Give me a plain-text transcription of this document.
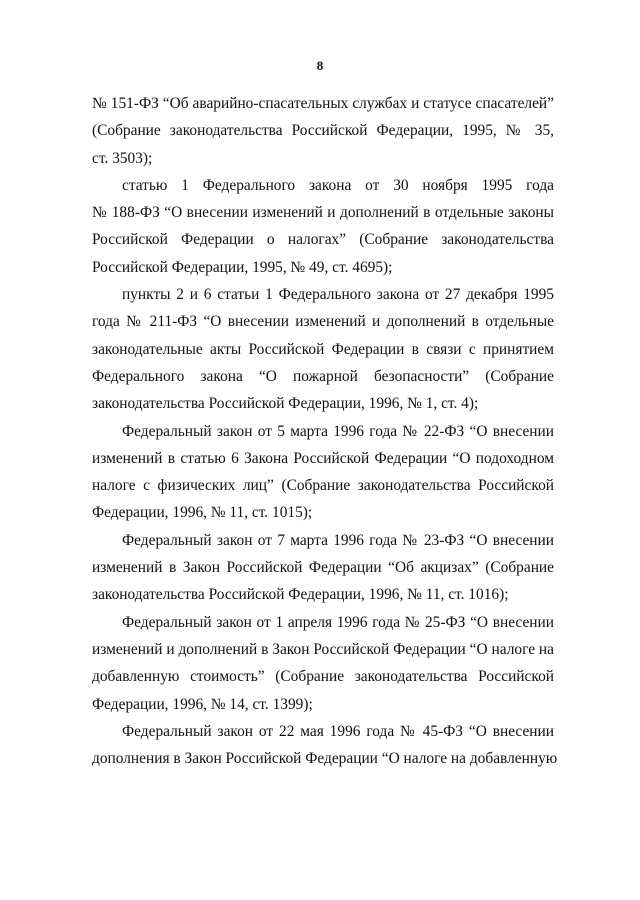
8
№ 151-ФЗ “Об аварийно-спасательных службах и статусе спасателей”
(Собрание законодательства Российской Федерации, 1995, № 35,
ст. 3503);
статью 1 Федерального закона от 30 ноября 1995 года
№ 188-ФЗ “О внесении изменений и дополнений в отдельные законы
Российской Федерации о налогах” (Собрание законодательства
Российской Федерации, 1995, № 49, ст. 4695);
пункты 2 и 6 статьи 1 Федерального закона от 27 декабря 1995
года № 211-ФЗ “О внесении изменений и дополнений в отдельные
законодательные акты Российской Федерации в связи с принятием
Федерального закона “О пожарной безопасности” (Собрание
законодательства Российской Федерации, 1996, № 1, ст. 4);
Федеральный закон от 5 марта 1996 года № 22-ФЗ “О внесении
изменений в статью 6 Закона Российской Федерации “О подоходном
налоге с физических лиц” (Собрание законодательства Российской
Федерации, 1996, № 11, ст. 1015);
Федеральный закон от 7 марта 1996 года № 23-ФЗ “О внесении
изменений в Закон Российской Федерации “Об акцизах” (Собрание
законодательства Российской Федерации, 1996, № 11, ст. 1016);
Федеральный закон от 1 апреля 1996 года № 25-ФЗ “О внесении
изменений и дополнений в Закон Российской Федерации “О налоге на
добавленную стоимость” (Собрание законодательства Российской
Федерации, 1996, № 14, ст. 1399);
Федеральный закон от 22 мая 1996 года № 45-ФЗ “О внесении
дополнения в Закон Российской Федерации “О налоге на добавленную
